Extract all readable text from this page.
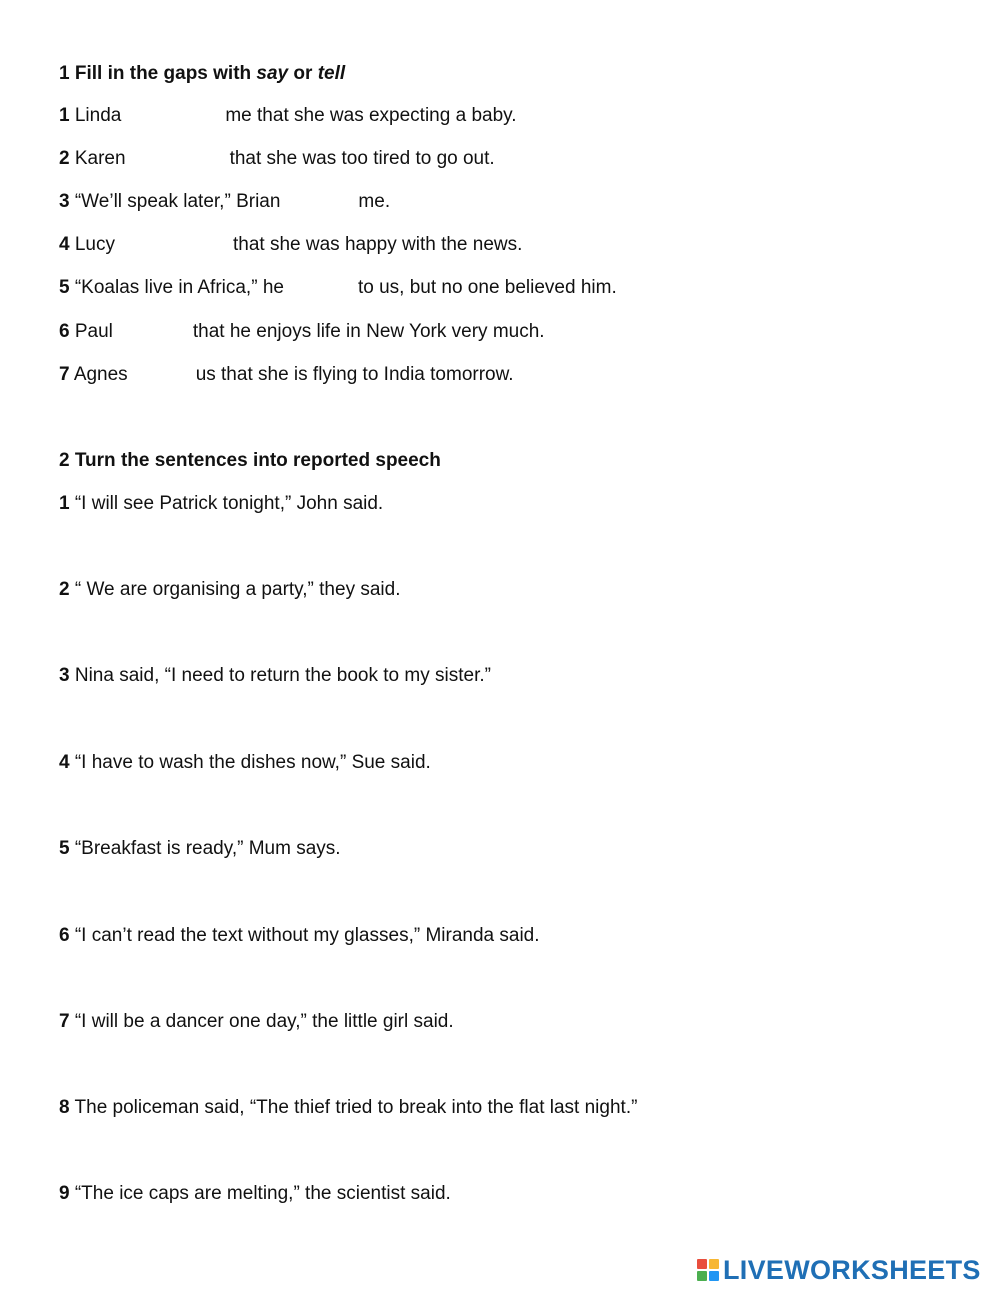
1 Fill in the gaps with say or tell
1 Linda	me that she was expecting a baby.
2 Karen	that she was too tired to go out.
3 “We’ll speak later,” Brian	me.
4 Lucy	that she was happy with the news.
5 “Koalas live in Africa,” he	to us, but no one believed him.
6 Paul	that he enjoys life in New York very much.
7 Agnes	us that she is flying to India tomorrow.
2 Turn the sentences into reported speech
1 “I will see Patrick tonight,” John said.
2 “ We are organising a party,” they said.
3 Nina said, “I need to return the book to my sister.”
4 “I have to wash the dishes now,” Sue said.
5 “Breakfast is ready,” Mum says.
6 “I can’t read the text without my glasses,” Miranda said.
7 “I will be a dancer one day,” the little girl said.
8 The policeman said, “The thief tried to break into the flat last night.”
9 “The ice caps are melting,” the scientist said.
LIVEWORKSHEETS
